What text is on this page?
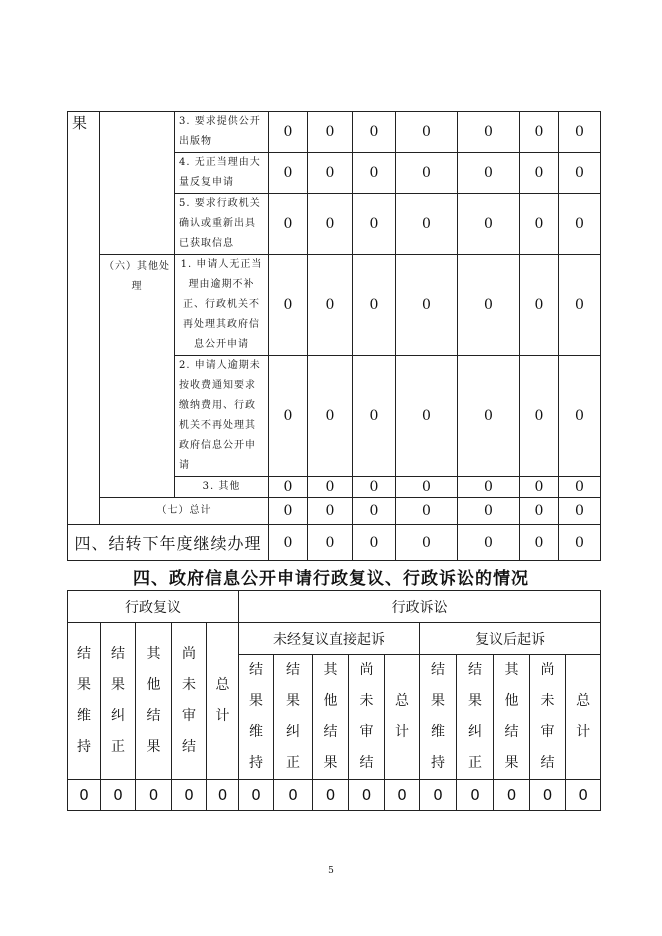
果		3. 要求提供公开出版物	0	0	0	0	0	0	0
		4. 无正当理由大量反复申请	0	0	0	0	0	0	0
		5. 要求行政机关确认或重新出具已获取信息	0	0	0	0	0	0	0
	（六）其他处理	1. 申请人无正当理由逾期不补正、行政机关不再处理其政府信息公开申请	0	0	0	0	0	0	0
		2. 申请人逾期未按收费通知要求缴纳费用、行政机关不再处理其政府信息公开申请	0	0	0	0	0	0	0
		3. 其他	0	0	0	0	0	0	0
	（七）总计		0	0	0	0	0	0	0
四、结转下年度继续办理			0	0	0	0	0	0	0
四、政府信息公开申请行政复议、行政诉讼的情况
行政复议					行政诉讼									
结果维持	结果纠正	其他结果	尚未审结	总计	未经复议直接起诉					复议后起诉				
					结果维持	结果纠正	其他结果	尚未审结	总计	结果维持	结果纠正	其他结果	尚未审结	总计
0	0	0	0	0	0	0	0	0	0	0	0	0	0	0
5
